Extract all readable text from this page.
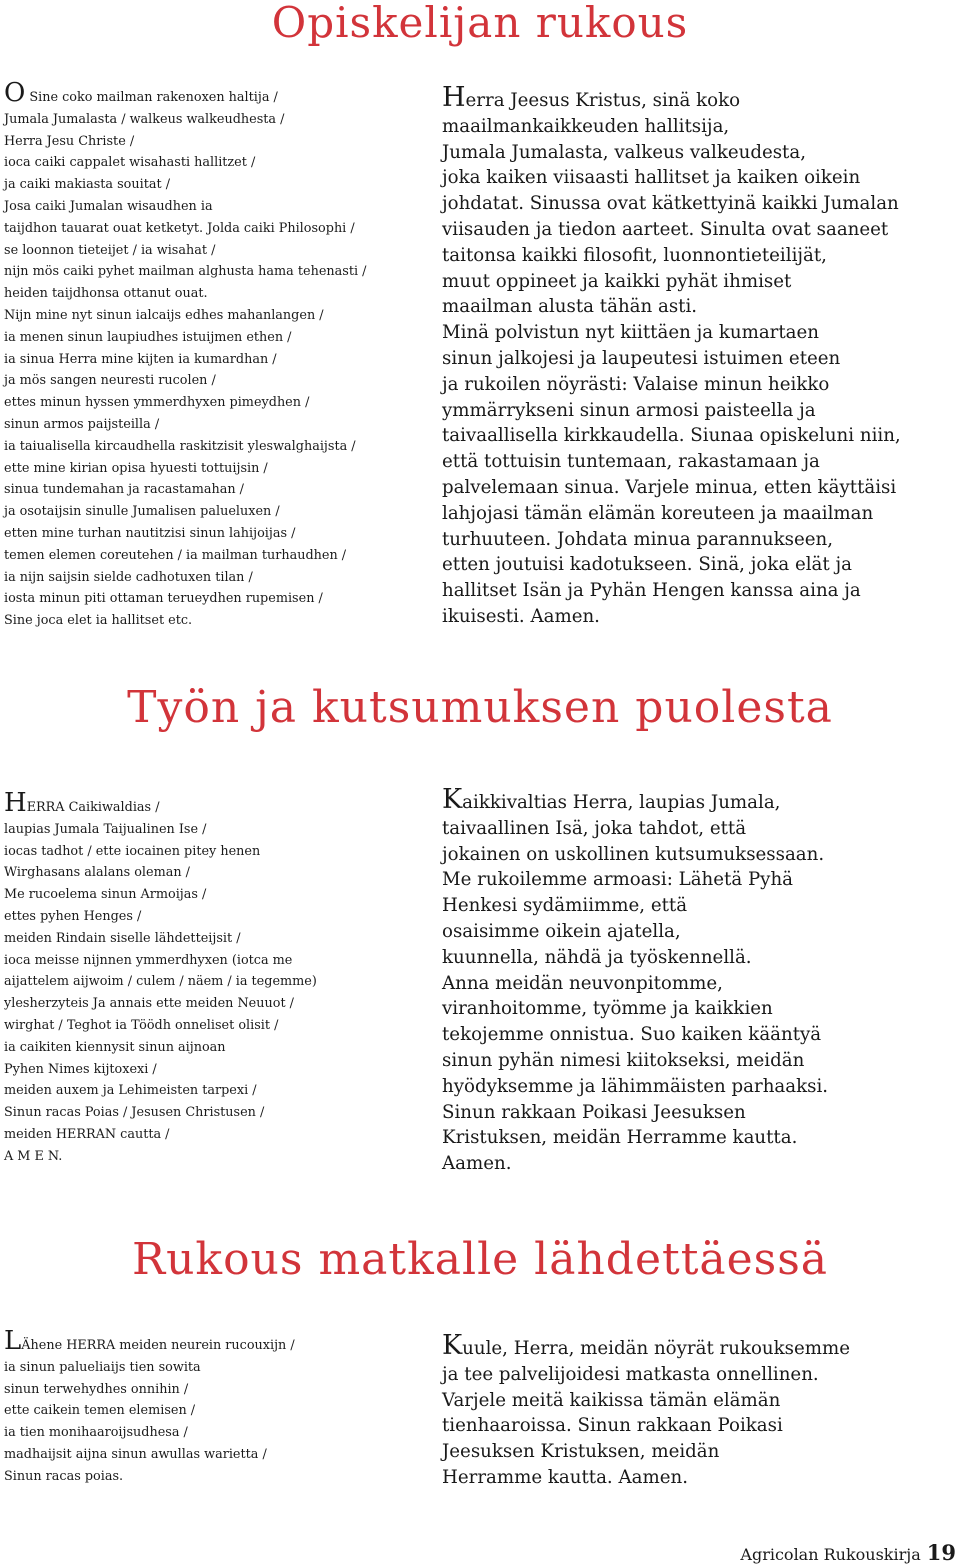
Opiskelijan rukous
O Sine coko mailman rakenoxen haltija /
Jumala Jumalasta / walkeus walkeudhesta /
Herra Jesu Christe /
ioca caiki cappalet wisahasti hallitzet /
ja caiki makiasta souitat /
Josa caiki Jumalan wisaudhen ia
taijdhon tauarat ouat ketketyt. Jolda caiki Philosophi /
se loonnon tieteijet / ia wisahat /
nijn mös caiki pyhet mailman alghusta hama tehenasti /
heiden taijdhonsa ottanut ouat.
Nijn mine nyt sinun ialcaijs edhes mahanlangen /
ia menen sinun laupiudhes istuijmen ethen /
ia sinua Herra mine kijten ia kumardhan /
ja mös sangen neuresti rucolen /
ettes minun hyssen ymmerdhyxen pimeydhen /
sinun armos paijsteilla /
ia taiualisella kircaudhella raskitzisit yleswalghaijsta /
ette mine kirian opisa hyuesti tottuijsin /
sinua tundemahan ja racastamahan /
ja osotaijsin sinulle Jumalisen palueluxen /
etten mine turhan nautitzisi sinun lahijoijas /
temen elemen coreutehen / ia mailman turhaudhen /
ia nijn saijsin sielde cadhotuxen tilan /
iosta minun piti ottaman terueydhen rupemisen /
Sine joca elet ia hallitset etc.
Herra Jeesus Kristus, sinä koko
maailmankaikkeuden hallitsija,
Jumala Jumalasta, valkeus valkeudesta,
joka kaiken viisaasti hallitset ja kaiken oikein
johdatat. Sinussa ovat kätkettyinä kaikki Jumalan
viisauden ja tiedon aarteet. Sinulta ovat saaneet
taitonsa kaikki filosofit, luonnontieteilijät,
muut oppineet ja kaikki pyhät ihmiset
maailman alusta tähän asti.
Minä polvistun nyt kiittäen ja kumartaen
sinun jalkojesi ja laupeutesi istuimen eteen
ja rukoilen nöyrästi: Valaise minun heikko
ymmärrykseni sinun armosi paisteella ja
taivaallisella kirkkaudella. Siunaa opiskeluni niin,
että tottuisin tuntemaan, rakastamaan ja
palvelemaan sinua. Varjele minua, etten käyttäisi
lahjojasi tämän elämän koreuteen ja maailman
turhuuteen. Johdata minua parannukseen,
etten joutuisi kadotukseen. Sinä, joka elät ja
hallitset Isän ja Pyhän Hengen kanssa aina ja
ikuisesti. Aamen.
Työn ja kutsumuksen puolesta
HERRA Caikiwaldias /
laupias Jumala Taijualinen Ise /
iocas tadhot / ette iocainen pitey henen
Wirghasans alalans oleman /
Me rucoelema sinun Armoijas /
ettes pyhen Henges /
meiden Rindain siselle lähdetteijsit /
ioca meisse nijnnen ymmerdhyxen (iotca me
aijattelem aijwoim / culem / näem / ia tegemme)
ylesherzyteis Ja annais ette meiden Neuuot /
wirghat / Teghot ia Töödh onneliset olisit /
ia caikiten kiennysit sinun aijnoan
Pyhen Nimes kijtoxexi /
meiden auxem ja Lehimeisten tarpexi /
Sinun racas Poias / Jesusen Christusen /
meiden HERRAN cautta /
A M E N.
Kaikkivaltias Herra, laupias Jumala,
taivaallinen Isä, joka tahdot, että
jokainen on uskollinen kutsumuksessaan.
Me rukoilemme armoasi: Lähetä Pyhä
Henkesi sydämiimme, että
osaisimme oikein ajatella,
kuunnella, nähdä ja työskennellä.
Anna meidän neuvonpitomme,
viranhoitomme, työmme ja kaikkien
tekojemme onnistua. Suo kaiken kääntyä
sinun pyhän nimesi kiitokseksi, meidän
hyödyksemme ja lähimmäisten parhaaksi.
Sinun rakkaan Poikasi Jeesuksen
Kristuksen, meidän Herramme kautta.
Aamen.
Rukous matkalle lähdettäessä
LÄhene HERRA meiden neurein rucouxijn /
ia sinun palueliaijs tien sowita
sinun terwehydhes onnihin /
ette caikein temen elemisen /
ia tien monihaaroijsudhesa /
madhaijsit aijna sinun awullas warietta /
Sinun racas poias.
Kuule, Herra, meidän nöyrät rukouksemme
ja tee palvelijoidesi matkasta onnellinen.
Varjele meitä kaikissa tämän elämän
tienhaaroissa. Sinun rakkaan Poikasi
Jeesuksen Kristuksen, meidän
Herramme kautta. Aamen.
Agricolan Rukouskirja 19
